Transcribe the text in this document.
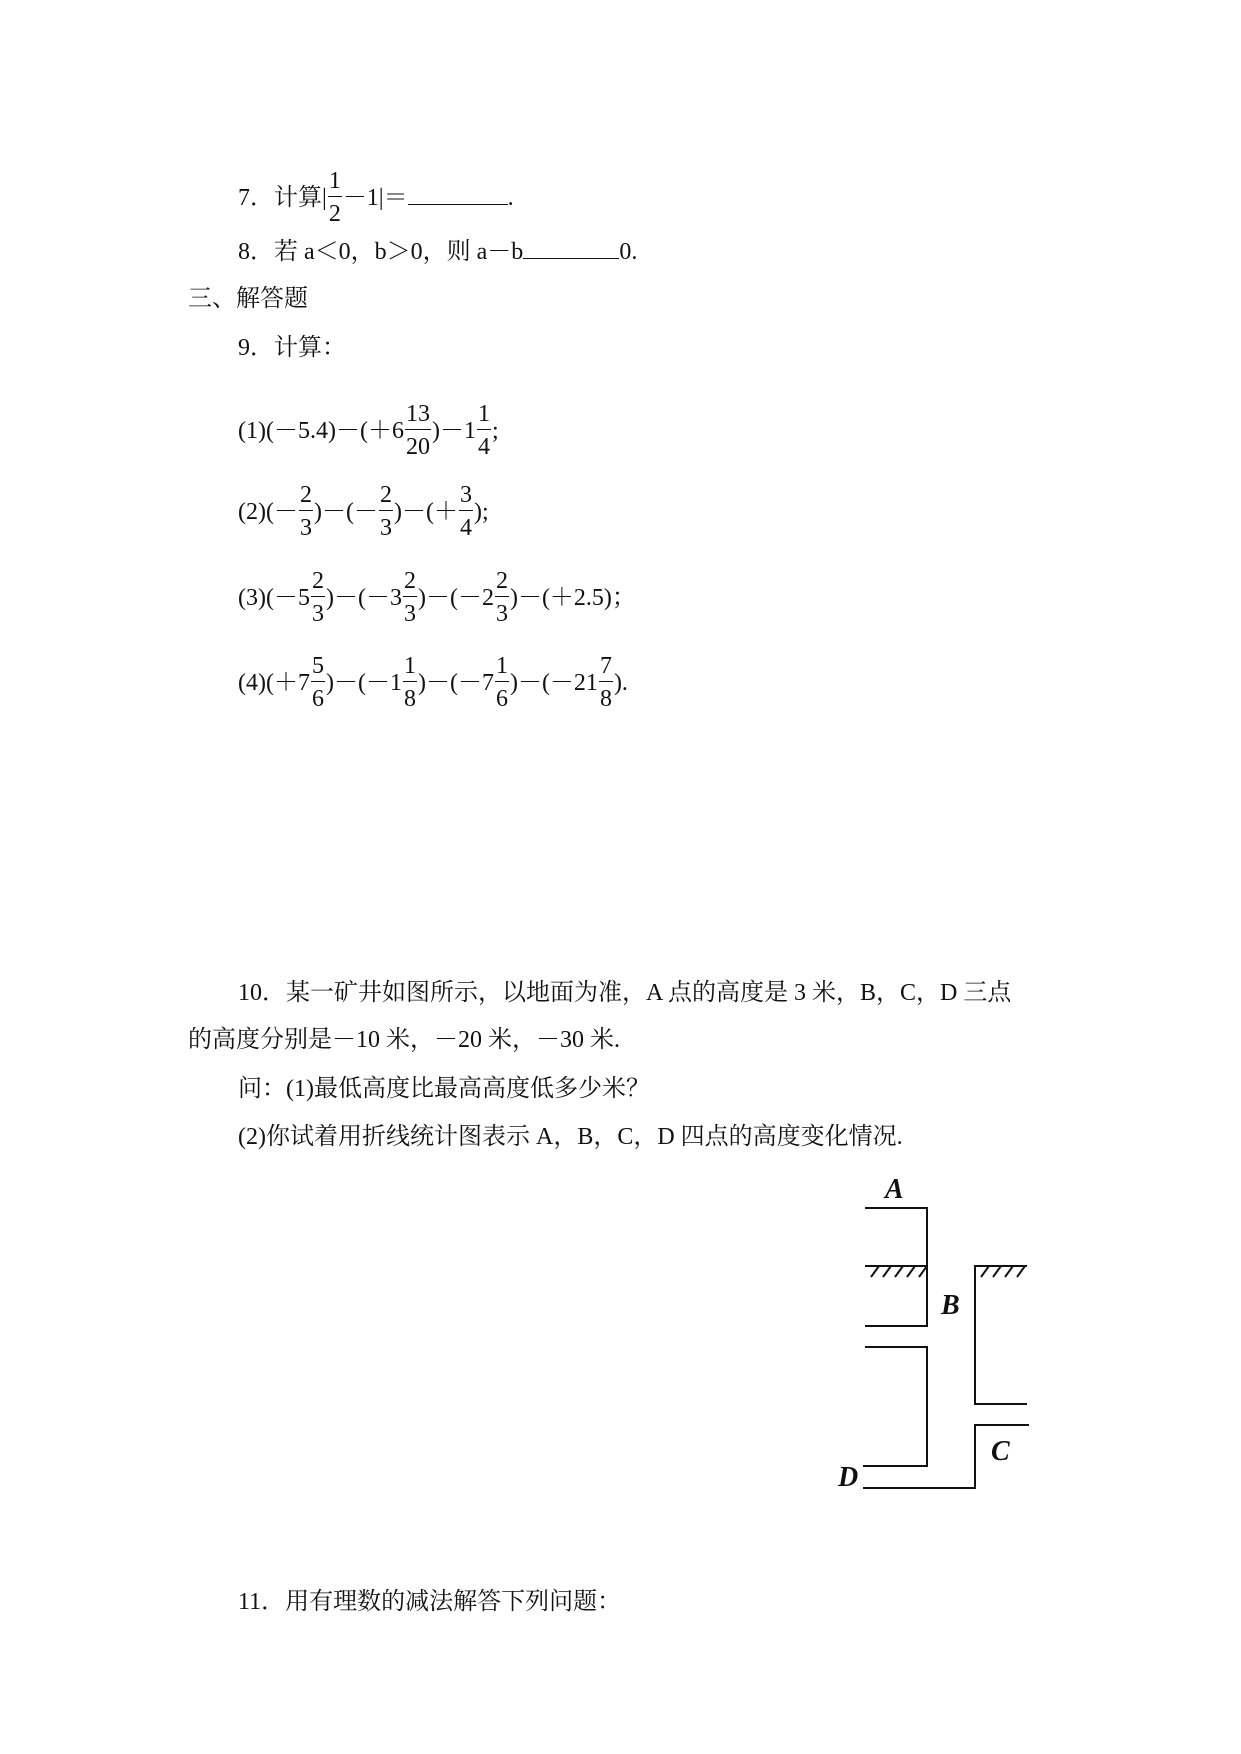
7．计算| $\frac{1}{2} -1|=$	.
8．若 a＜0，b＞0，则 a－b	0.
三、解答题
9．计算：
$(1)(-5.4)-(+6 \frac{13}{20} )-1 \frac{1}{4}$ ;
$(2)(- \frac{2}{3}$ )－(－ $\frac{2}{3}$ )－(＋ $\frac{3}{4}$ );
$(3)(-5 \frac{2}{3} )-(-3 \frac{2}{3} )-(-2 \frac{2}{3} )-(+2.5)$；
$(4)(+7 \frac{5}{6} )-(-1 \frac{1}{8} )-(-7 \frac{1}{6} )-(-21 \frac{7}{8}$ ).
10．某一矿井如图所示，以地面为准，A 点的高度是 3 米，B，C，D 三点
的高度分别是－10 米，－20 米，－30 米.
问：(1)最低高度比最高高度低多少米？
(2)你试着用折线统计图表示 A，B，C，D 四点的高度变化情况.
A
B
C
D
11．用有理数的减法解答下列问题：
